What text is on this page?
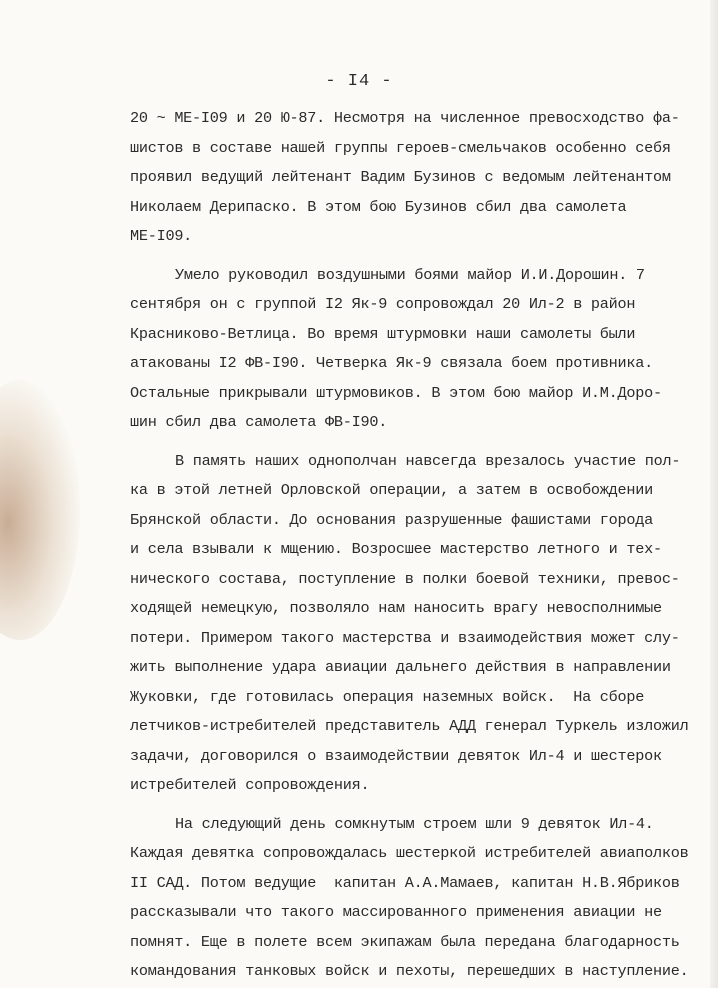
- I4 -
20 ~ МЕ-I09 и 20 Ю-87. Несмотря на численное превосходство фа-
шистов в составе нашей группы героев-смельчаков особенно себя
проявил ведущий лейтенант Вадим Бузинов с ведомым лейтенантом
Николаем Дерипаско. В этом бою Бузинов сбил два самолета
МЕ-I09.
Умело руководил воздушными боями майор И.И.Дорошин. 7
сентября он с группой I2 Як-9 сопровождал 20 Ил-2 в район
Красниково-Ветлица. Во время штурмовки наши самолеты были
атакованы I2 ФВ-I90. Четверка Як-9 связала боем противника.
Остальные прикрывали штурмовиков. В этом бою майор И.М.Доро-
шин сбил два самолета ФВ-I90.
В память наших однополчан навсегда врезалось участие пол-
ка в этой летней Орловской операции, а затем в освобождении
Брянской области. До основания разрушенные фашистами города
и села взывали к мщению. Возросшее мастерство летного и тех-
нического состава, поступление в полки боевой техники, превос-
ходящей немецкую, позволяло нам наносить врагу невосполнимые
потери. Примером такого мастерства и взаимодействия может слу-
жить выполнение удара авиации дальнего действия в направлении
Жуковки, где готовилась операция наземных войск.  На сборе
летчиков-истребителей представитель АДД генерал Туркель изложил
задачи, договорился о взаимодействии девяток Ил-4 и шестерок
истребителей сопровождения.
На следующий день сомкнутым строем шли 9 девяток Ил-4.
Каждая девятка сопровождалась шестеркой истребителей авиаполков
II САД. Потом ведущие  капитан А.А.Мамаев, капитан Н.В.Ябриков
рассказывали что такого массированного применения авиации не
помнят. Еще в полете всем экипажам была передана благодарность
командования танковых войск и пехоты, перешедших в наступление.
